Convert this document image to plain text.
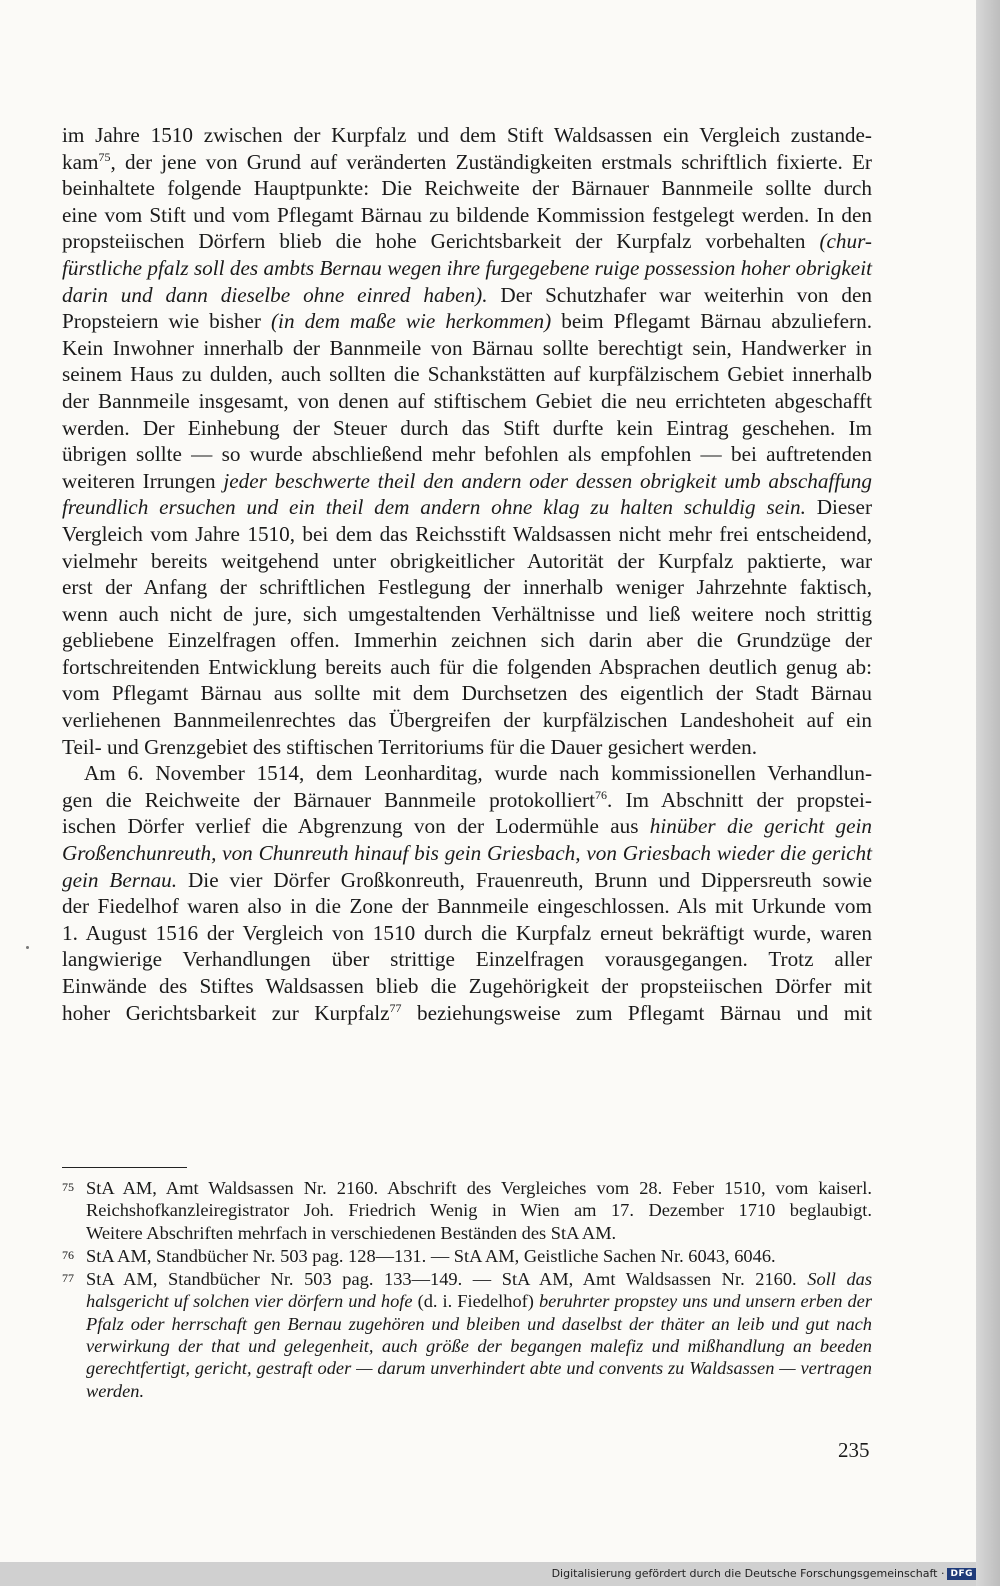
im Jahre 1510 zwischen der Kurpfalz und dem Stift Waldsassen ein Vergleich zustande-
kam$^{75}$, der jene von Grund auf veränderten Zuständigkeiten erstmals schriftlich fixierte. Er
beinhaltete folgende Hauptpunkte: Die Reichweite der Bärnauer Bannmeile sollte durch
eine vom Stift und vom Pflegamt Bärnau zu bildende Kommission festgelegt werden. In den
propsteiischen Dörfern blieb die hohe Gerichtsbarkeit der Kurpfalz vorbehalten (chur-
fürstliche pfalz soll des ambts Bernau wegen ihre furgegebene ruige possession hoher obrigkeit
darin und dann dieselbe ohne einred haben). Der Schutzhafer war weiterhin von den
Propsteiern wie bisher (in dem maße wie herkommen) beim Pflegamt Bärnau abzuliefern.
Kein Inwohner innerhalb der Bannmeile von Bärnau sollte berechtigt sein, Handwerker in
seinem Haus zu dulden, auch sollten die Schankstätten auf kurpfälzischem Gebiet innerhalb
der Bannmeile insgesamt, von denen auf stiftischem Gebiet die neu errichteten abgeschafft
werden. Der Einhebung der Steuer durch das Stift durfte kein Eintrag geschehen. Im
übrigen sollte — so wurde abschließend mehr befohlen als empfohlen — bei auftretenden
weiteren Irrungen jeder beschwerte theil den andern oder dessen obrigkeit umb abschaffung
freundlich ersuchen und ein theil dem andern ohne klag zu halten schuldig sein. Dieser
Vergleich vom Jahre 1510, bei dem das Reichsstift Waldsassen nicht mehr frei entscheidend,
vielmehr bereits weitgehend unter obrigkeitlicher Autorität der Kurpfalz paktierte, war
erst der Anfang der schriftlichen Festlegung der innerhalb weniger Jahrzehnte faktisch,
wenn auch nicht de jure, sich umgestaltenden Verhältnisse und ließ weitere noch strittig
gebliebene Einzelfragen offen. Immerhin zeichnen sich darin aber die Grundzüge der
fortschreitenden Entwicklung bereits auch für die folgenden Absprachen deutlich genug ab:
vom Pflegamt Bärnau aus sollte mit dem Durchsetzen des eigentlich der Stadt Bärnau
verliehenen Bannmeilenrechtes das Übergreifen der kurpfälzischen Landeshoheit auf ein
Teil- und Grenzgebiet des stiftischen Territoriums für die Dauer gesichert werden.
Am 6. November 1514, dem Leonharditag, wurde nach kommissionellen Verhandlun-
gen die Reichweite der Bärnauer Bannmeile protokolliert$^{76}$. Im Abschnitt der propstei-
ischen Dörfer verlief die Abgrenzung von der Lodermühle aus hinüber die gericht gein
Großenchunreuth, von Chunreuth hinauf bis gein Griesbach, von Griesbach wieder die gericht
gein Bernau. Die vier Dörfer Großkonreuth, Frauenreuth, Brunn und Dippersreuth sowie
der Fiedelhof waren also in die Zone der Bannmeile eingeschlossen. Als mit Urkunde vom
1. August 1516 der Vergleich von 1510 durch die Kurpfalz erneut bekräftigt wurde, waren
langwierige Verhandlungen über strittige Einzelfragen vorausgegangen. Trotz aller
Einwände des Stiftes Waldsassen blieb die Zugehörigkeit der propsteiischen Dörfer mit
hoher Gerichtsbarkeit zur Kurpfalz$^{77}$ beziehungsweise zum Pflegamt Bärnau und mit
75 StA AM, Amt Waldsassen Nr. 2160. Abschrift des Vergleiches vom 28. Feber 1510, vom kaiserl.
Reichshofkanzleiregistrator Joh. Friedrich Wenig in Wien am 17. Dezember 1710 beglaubigt.
Weitere Abschriften mehrfach in verschiedenen Beständen des StA AM.
76 StA AM, Standbücher Nr. 503 pag. 128—131. — StA AM, Geistliche Sachen Nr. 6043, 6046.
77 StA AM, Standbücher Nr. 503 pag. 133—149. — StA AM, Amt Waldsassen Nr. 2160. Soll das
halsgericht uf solchen vier dörfern und hofe (d. i. Fiedelhof) beruhrter propstey uns und unsern erben der
Pfalz oder herrschaft gen Bernau zugehören und bleiben und daselbst der thäter an leib und gut nach
verwirkung der that und gelegenheit, auch größe der begangen malefiz und mißhandlung an beeden
gerechtfertigt, gericht, gestraft oder — darum unverhindert abte und convents zu Waldsassen — vertragen
werden.
235
Digitalisierung gefördert durch die Deutsche Forschungsgemeinschaft · DFG
